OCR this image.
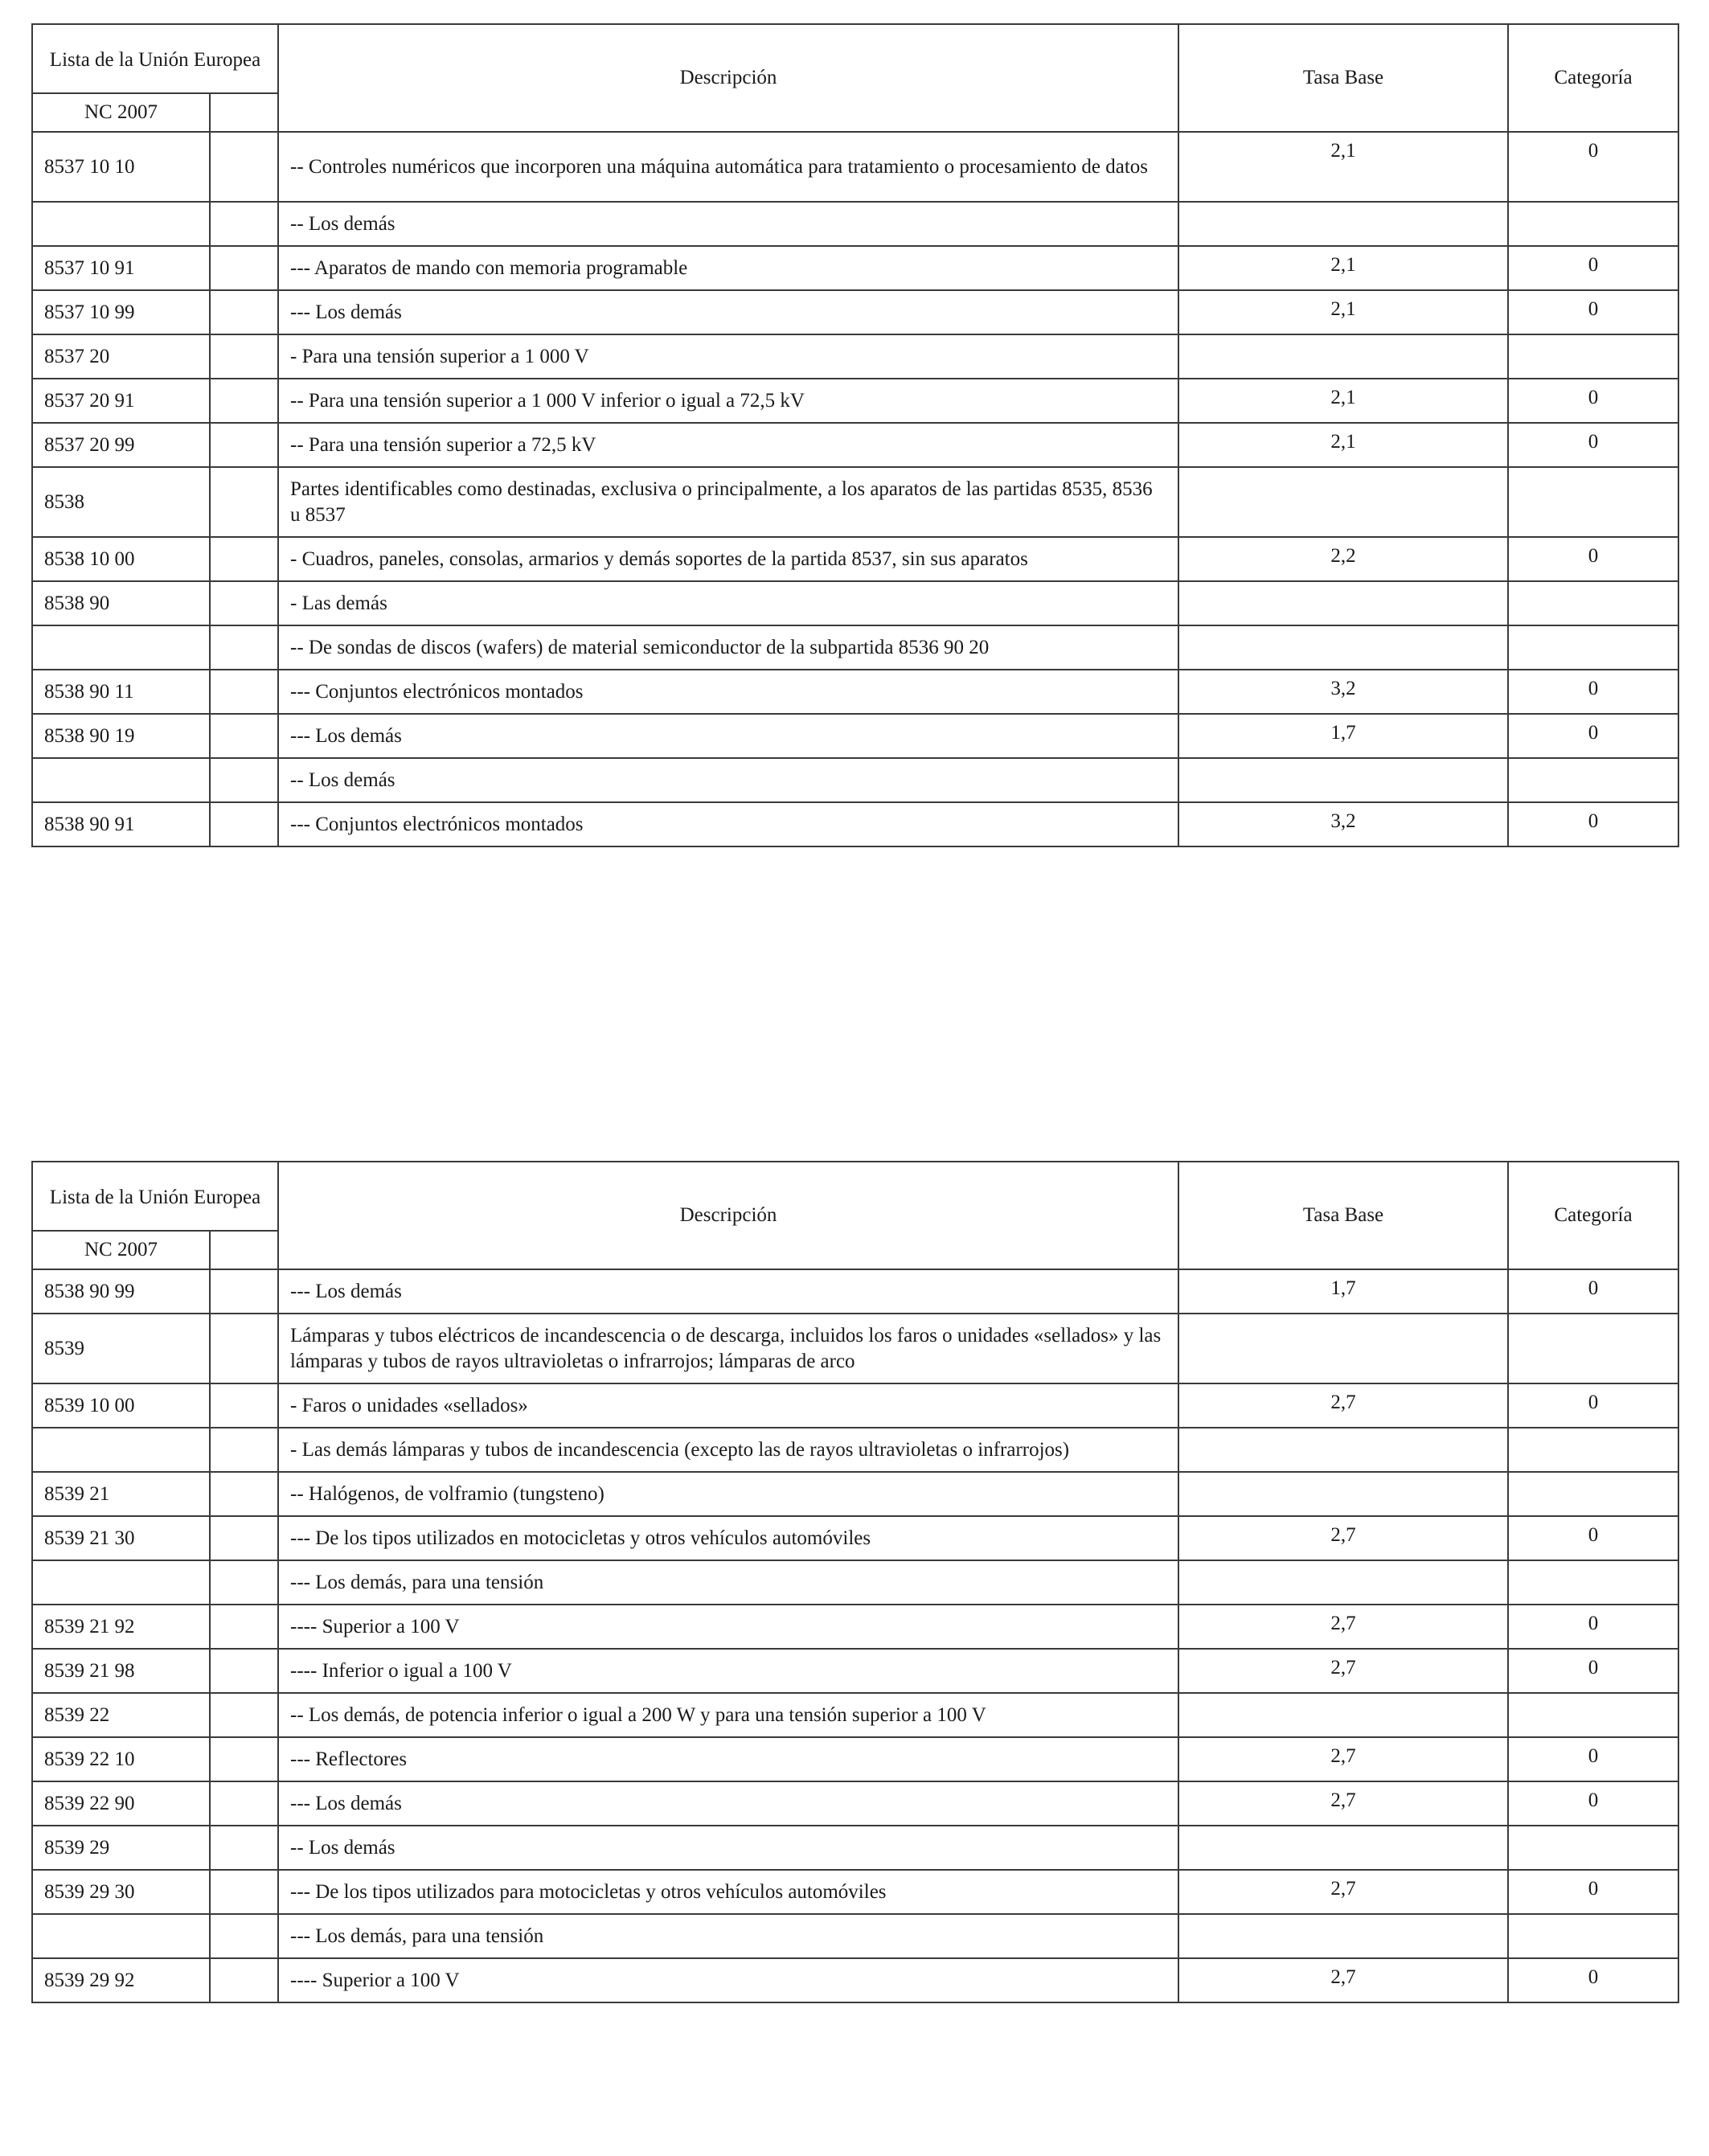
Lista de la Unión Europea		Descripción	Tasa Base	Categoría
NC 2007				
8537 10 10		-- Controles numéricos que incorporen una máquina automática para tratamiento o procesamiento de datos	2,1	0
		-- Los demás		
8537 10 91		--- Aparatos de mando con memoria programable	2,1	0
8537 10 99		--- Los demás	2,1	0
8537 20		- Para una tensión superior a 1 000 V		
8537 20 91		-- Para una tensión superior a 1 000 V inferior o igual a 72,5 kV	2,1	0
8537 20 99		-- Para una tensión superior a 72,5 kV	2,1	0
8538		Partes identificables como destinadas, exclusiva o principalmente, a los aparatos de las partidas 8535, 8536 u 8537		
8538 10 00		- Cuadros, paneles, consolas, armarios y demás soportes de la partida 8537, sin sus aparatos	2,2	0
8538 90		- Las demás		
		-- De sondas de discos (wafers) de material semiconductor de la subpartida 8536 90 20		
8538 90 11		--- Conjuntos electrónicos montados	3,2	0
8538 90 19		--- Los demás	1,7	0
		-- Los demás		
8538 90 91		--- Conjuntos electrónicos montados	3,2	0
Lista de la Unión Europea		Descripción	Tasa Base	Categoría
NC 2007				
8538 90 99		--- Los demás	1,7	0
8539		Lámparas y tubos eléctricos de incandescencia o de descarga, incluidos los faros o unidades «sellados» y las lámparas y tubos de rayos ultravioletas o infrarrojos; lámparas de arco		
8539 10 00		- Faros o unidades «sellados»	2,7	0
		- Las demás lámparas y tubos de incandescencia (excepto las de rayos ultravioletas o infrarrojos)		
8539 21		-- Halógenos, de volframio (tungsteno)		
8539 21 30		--- De los tipos utilizados en motocicletas y otros vehículos automóviles	2,7	0
		--- Los demás, para una tensión		
8539 21 92		---- Superior a 100 V	2,7	0
8539 21 98		---- Inferior o igual a 100 V	2,7	0
8539 22		-- Los demás, de potencia inferior o igual a 200 W y para una tensión superior a 100 V		
8539 22 10		--- Reflectores	2,7	0
8539 22 90		--- Los demás	2,7	0
8539 29		-- Los demás		
8539 29 30		--- De los tipos utilizados para motocicletas y otros vehículos automóviles	2,7	0
		--- Los demás, para una tensión		
8539 29 92		---- Superior a 100 V	2,7	0
